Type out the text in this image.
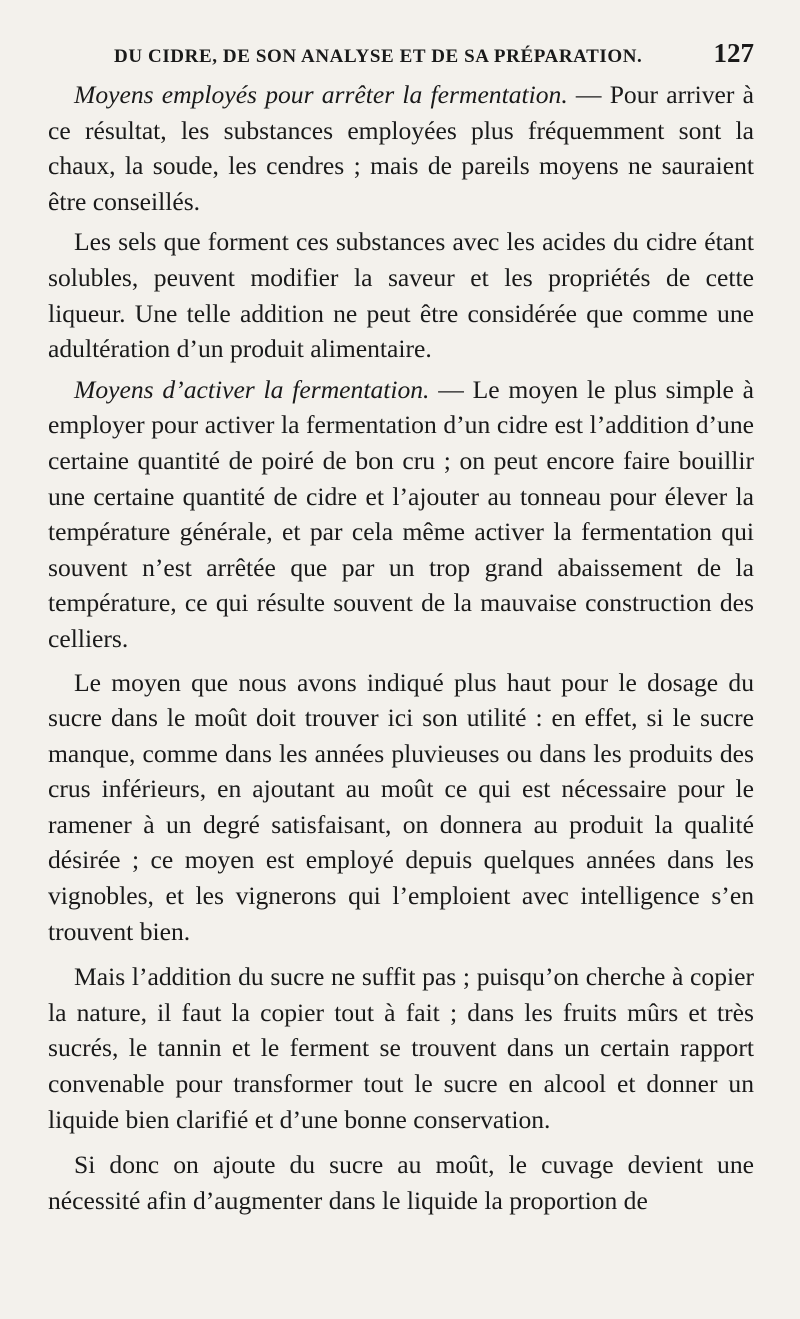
DU CIDRE, DE SON ANALYSE ET DE SA PRÉPARATION.	127

Moyens employés pour arrêter la fermentation. — Pour arriver à ce résultat, les substances employées plus fréquemment sont la chaux, la soude, les cendres ; mais de pareils moyens ne sauraient être conseillés.

Les sels que forment ces substances avec les acides du cidre étant solubles, peuvent modifier la saveur et les propriétés de cette liqueur. Une telle addition ne peut être considérée que comme une adultération d’un produit alimentaire.

Moyens d’activer la fermentation. — Le moyen le plus simple à employer pour activer la fermentation d’un cidre est l’addition d’une certaine quantité de poiré de bon cru ; on peut encore faire bouillir une certaine quantité de cidre et l’ajouter au tonneau pour élever la température générale, et par cela même activer la fermentation qui souvent n’est arrêtée que par un trop grand abaissement de la température, ce qui résulte souvent de la mauvaise construction des celliers.

Le moyen que nous avons indiqué plus haut pour le dosage du sucre dans le moût doit trouver ici son utilité : en effet, si le sucre manque, comme dans les années pluvieuses ou dans les produits des crus inférieurs, en ajoutant au moût ce qui est nécessaire pour le ramener à un degré satisfaisant, on donnera au produit la qualité désirée ; ce moyen est employé depuis quelques années dans les vignobles, et les vignerons qui l’emploient avec intelligence s’en trouvent bien.

Mais l’addition du sucre ne suffit pas ; puisqu’on cherche à copier la nature, il faut la copier tout à fait ; dans les fruits mûrs et très sucrés, le tannin et le ferment se trouvent dans un certain rapport convenable pour transformer tout le sucre en alcool et donner un liquide bien clarifié et d’une bonne conservation.

Si donc on ajoute du sucre au moût, le cuvage devient une nécessité afin d’augmenter dans le liquide la proportion de
